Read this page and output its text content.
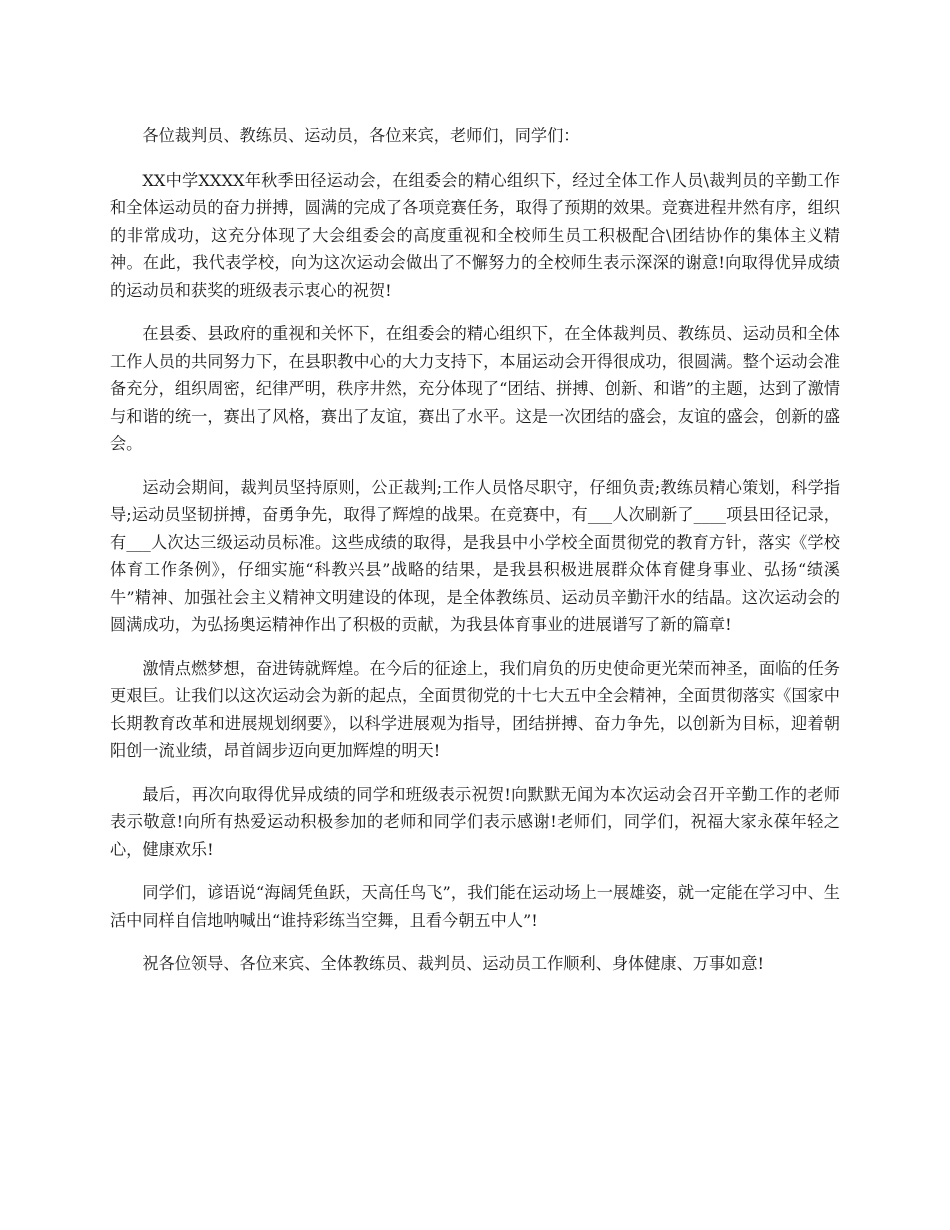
各位裁判员、教练员、运动员，各位来宾，老师们，同学们：

XX中学XXXX年秋季田径运动会，在组委会的精心组织下，经过全体工作人员\裁判员的辛勤工作和全体运动员的奋力拼搏，圆满的完成了各项竞赛任务，取得了预期的效果。竞赛进程井然有序，组织的非常成功，这充分体现了大会组委会的高度重视和全校师生员工积极配合\团结协作的集体主义精神。在此，我代表学校，向为这次运动会做出了不懈努力的全校师生表示深深的谢意!向取得优异成绩的运动员和获奖的班级表示衷心的祝贺!

在县委、县政府的重视和关怀下，在组委会的精心组织下，在全体裁判员、教练员、运动员和全体工作人员的共同努力下，在县职教中心的大力支持下，本届运动会开得很成功，很圆满。整个运动会准备充分，组织周密，纪律严明，秩序井然，充分体现了“团结、拼搏、创新、和谐”的主题，达到了激情与和谐的统一，赛出了风格，赛出了友谊，赛出了水平。这是一次团结的盛会，友谊的盛会，创新的盛会。

运动会期间，裁判员坚持原则，公正裁判;工作人员恪尽职守，仔细负责;教练员精心策划，科学指导;运动员坚韧拼搏，奋勇争先，取得了辉煌的战果。在竞赛中，有___人次刷新了____项县田径记录，有___人次达三级运动员标准。这些成绩的取得，是我县中小学校全面贯彻党的教育方针，落实《学校体育工作条例》，仔细实施“科教兴县”战略的结果，是我县积极进展群众体育健身事业、弘扬“绩溪牛”精神、加强社会主义精神文明建设的体现，是全体教练员、运动员辛勤汗水的结晶。这次运动会的圆满成功，为弘扬奥运精神作出了积极的贡献，为我县体育事业的进展谱写了新的篇章!

激情点燃梦想，奋进铸就辉煌。在今后的征途上，我们肩负的历史使命更光荣而神圣，面临的任务更艰巨。让我们以这次运动会为新的起点，全面贯彻党的十七大五中全会精神，全面贯彻落实《国家中长期教育改革和进展规划纲要》，以科学进展观为指导，团结拼搏、奋力争先，以创新为目标，迎着朝阳创一流业绩，昂首阔步迈向更加辉煌的明天!

最后，再次向取得优异成绩的同学和班级表示祝贺!向默默无闻为本次运动会召开辛勤工作的老师表示敬意!向所有热爱运动积极参加的老师和同学们表示感谢!老师们，同学们，祝福大家永葆年轻之心，健康欢乐!

同学们，谚语说“海阔凭鱼跃，天高任鸟飞”，我们能在运动场上一展雄姿，就一定能在学习中、生活中同样自信地呐喊出“谁持彩练当空舞，且看今朝五中人”!

祝各位领导、各位来宾、全体教练员、裁判员、运动员工作顺利、身体健康、万事如意!
